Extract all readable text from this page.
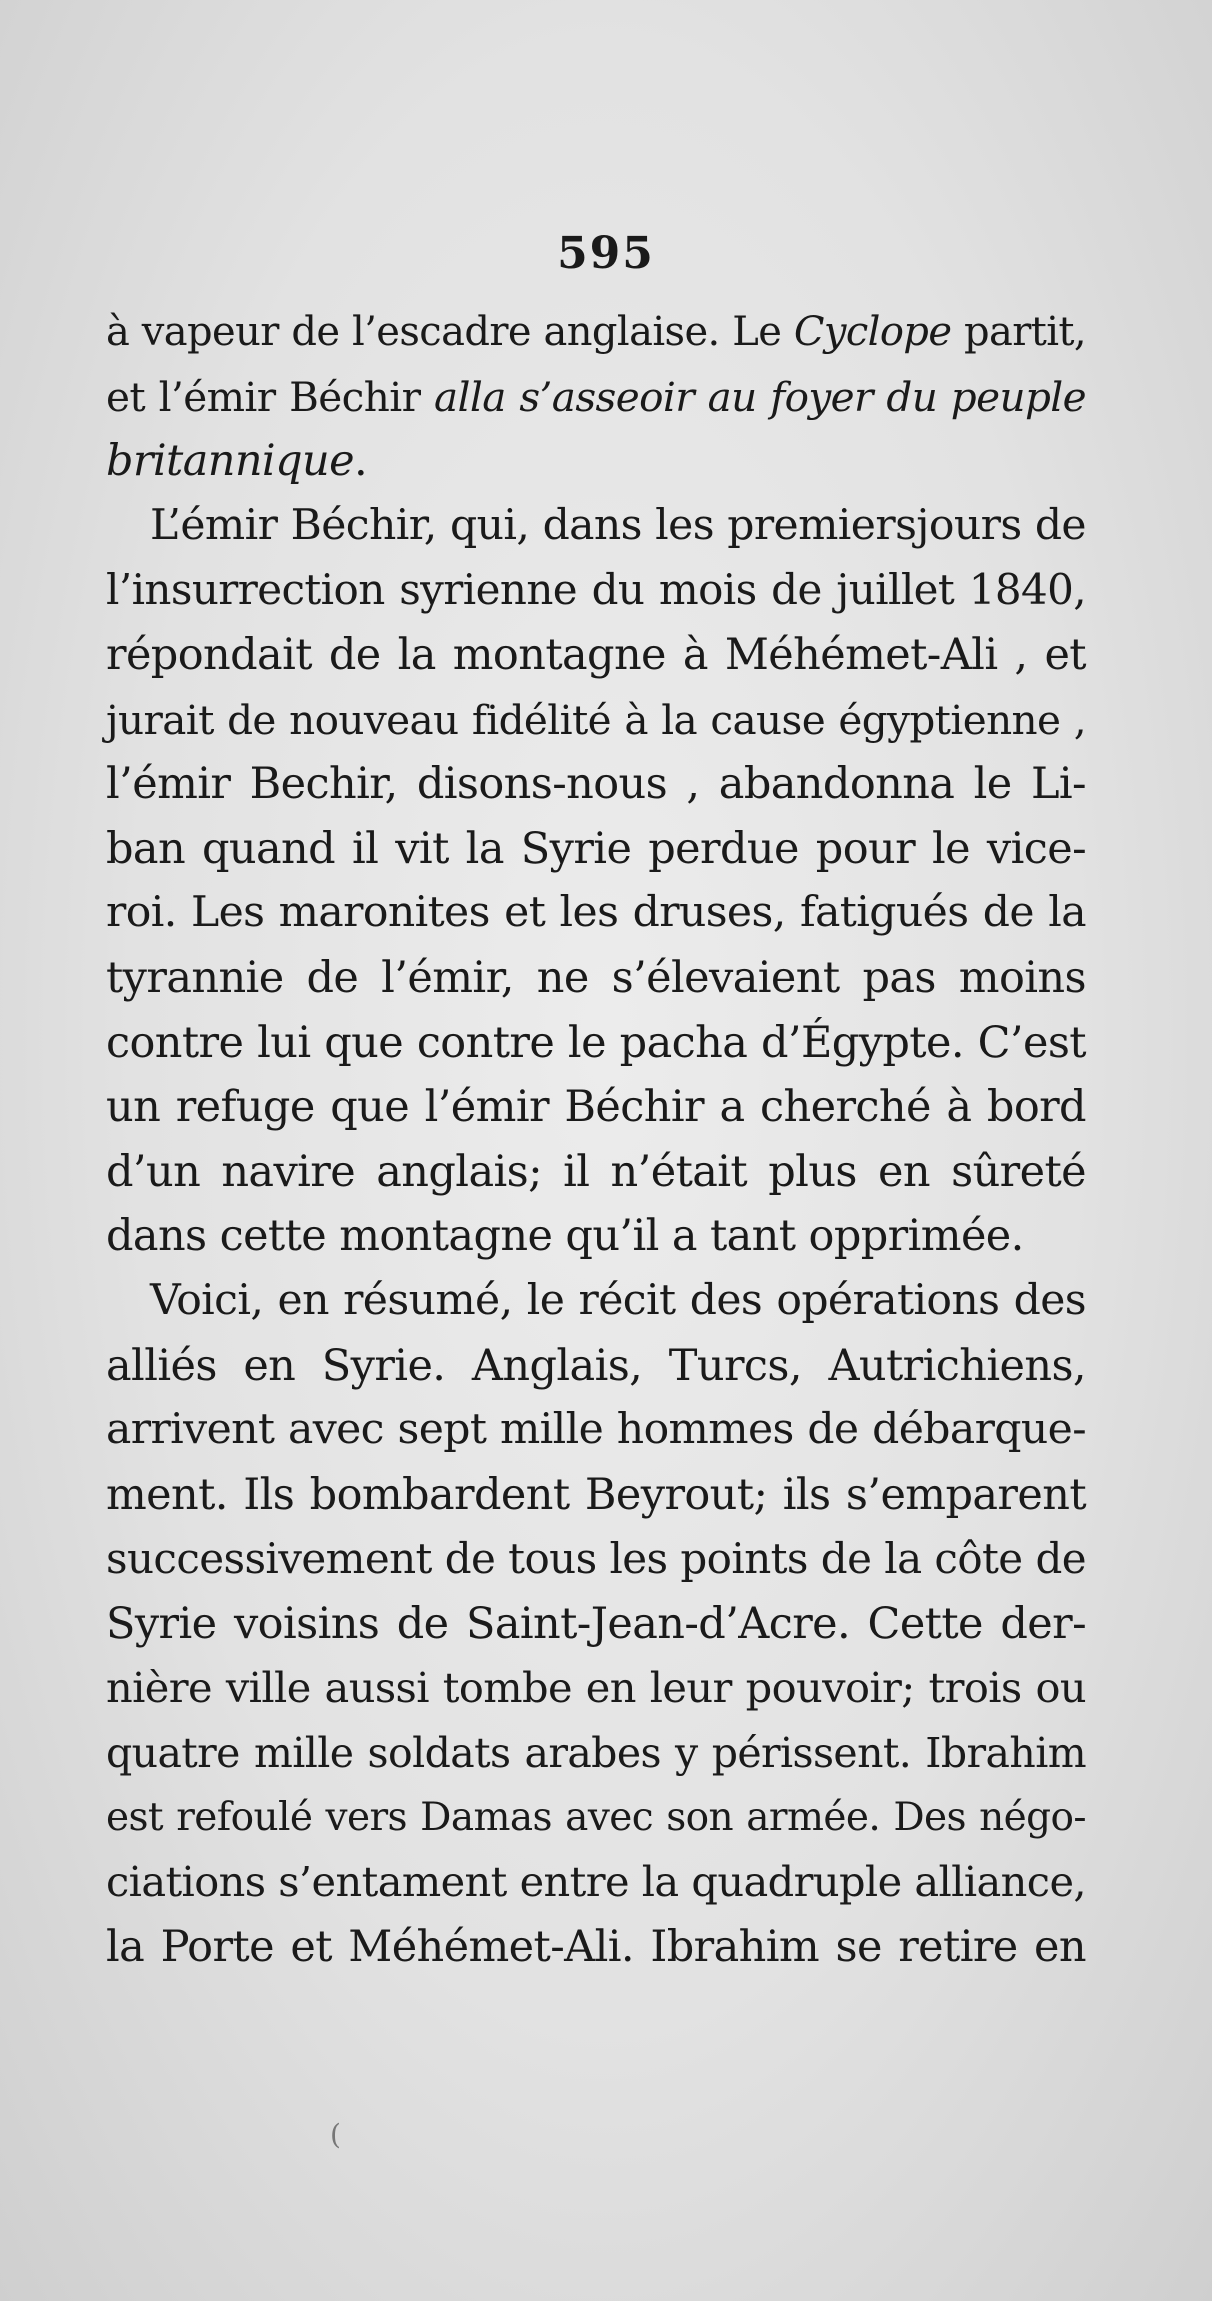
595
à vapeur de l’escadre anglaise. Le Cyclope partit,
et l’émir Béchir alla s’asseoir au foyer du peuple
britannique.
L’émir Béchir, qui, dans les premiersjours de
l’insurrection syrienne du mois de juillet 1840,
répondait de la montagne à Méhémet-Ali , et
jurait de nouveau fidélité à la cause égyptienne ,
l’émir Bechir, disons-nous , abandonna le Li-
ban quand il vit la Syrie perdue pour le vice-
roi. Les maronites et les druses, fatigués de la
tyrannie de l’émir, ne s’élevaient pas moins
contre lui que contre le pacha d’Égypte. C’est
un refuge que l’émir Béchir a cherché à bord
d’un navire anglais; il n’était plus en sûreté
dans cette montagne qu’il a tant opprimée.
Voici, en résumé, le récit des opérations des
alliés en Syrie. Anglais, Turcs, Autrichiens,
arrivent avec sept mille hommes de débarque-
ment. Ils bombardent Beyrout; ils s’emparent
successivement de tous les points de la côte de
Syrie voisins de Saint-Jean-d’Acre. Cette der-
nière ville aussi tombe en leur pouvoir; trois ou
quatre mille soldats arabes y périssent. Ibrahim
est refoulé vers Damas avec son armée. Des négo-
ciations s’entament entre la quadruple alliance,
la Porte et Méhémet-Ali. Ibrahim se retire en
(
